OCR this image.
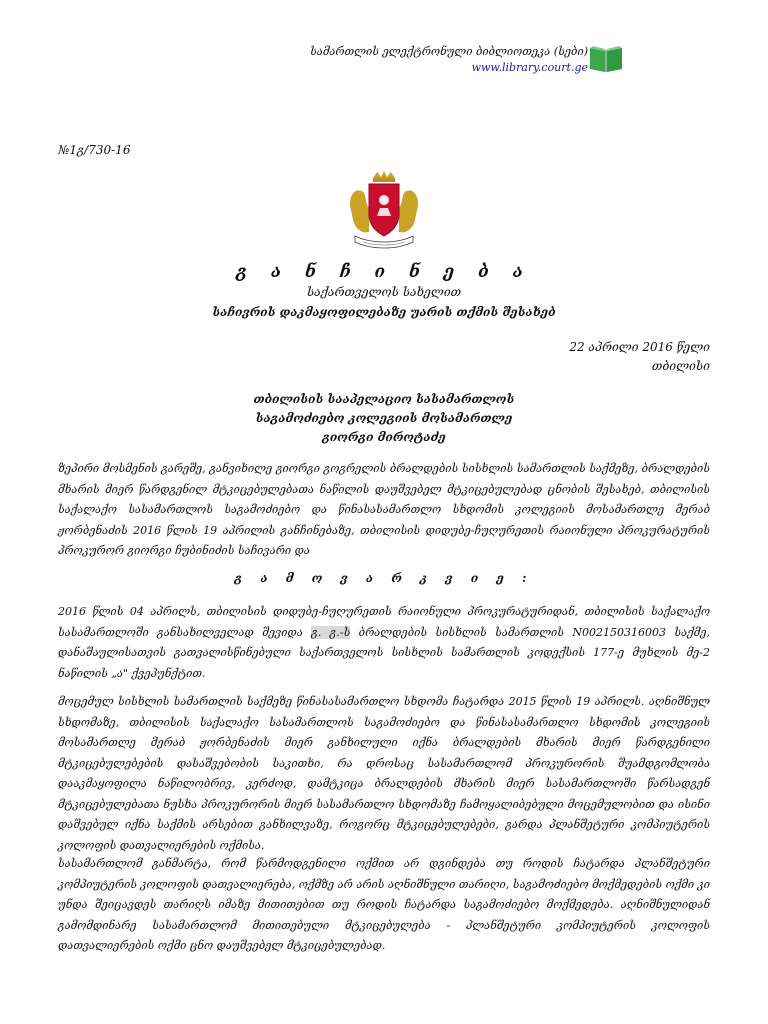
სამართლის ელექტრონული ბიბლიოთეკა (სები)
www.library.court.ge
№1გ/730-16
გ ა ნ ჩ ი ნ ე ბ ა
საქართველოს სახელით
საჩივრის დაკმაყოფილებაზე უარის თქმის შესახებ
22 აპრილი 2016 წელი
თბილისი
თბილისის სააპელაციო სასამართლოს
საგამოძიებო კოლეგიის მოსამართლე
გიორგი მიროტაძე
ზეპირი მოსმენის გარეშე, განვიხილე გიორგი გოგრელის ბრალდების სისხლის სამართლის საქმეზე, ბრალდების მხარის მიერ წარდგენილ მტკიცებულებათა ნაწილის დაუშვებელ მტკიცებულებად ცნობის შესახებ, თბილისის საქალაქო სასამართლოს საგამოძიებო და წინასასამართლო სხდომის კოლეგიის მოსამართლე მერაბ ჟორბენაძის 2016 წლის 19 აპრილის განჩინებაზე, თბილისის დიდუბე-ჩუღურეთის რაიონული პროკურატურის პროკურორ გიორგი ჩუბინიძის საჩივარი და
გ ა მ ო ვ ა რ კ ვ ი ე :
2016 წლის 04 აპრილს, თბილისის დიდუბე-ჩუღურეთის რაიონული პროკურატურიდან, თბილისის საქალაქო სასამართლოში განსახილველად შევიდა გ. გ.-ს ბრალდების სისხლის სამართლის N002150316003 საქმე, დანაშაულისათვის გათვალისწინებული საქართველოს სისხლის სამართლის კოდექსის 177-ე მუხლის მე-2 ნაწილის „ა" ქვეპუნქტით.
მოცემულ სისხლის სამართლის საქმეზე წინასასამართლო სხდომა ჩატარდა 2015 წლის 19 აპრილს. აღნიშნულ სხდომაზე, თბილისის საქალაქო სასამართლოს საგამოძიებო და წინასასამართლო სხდომის კოლეგიის მოსამართლე მერაბ ჟორბენაძის მიერ განხილული იქნა ბრალდების მხარის მიერ წარდგენილი მტკიცებულებების დასაშვებობის საკითხი, რა დროსაც სასამართლომ პროკურორის შუამდგომლობა დააკმაყოფილა ნაწილობრივ, კერძოდ, დამტკიცა ბრალდების მხარის მიერ სასამართლოში წარსადგენ მტკიცებულებათა ნუსხა პროკურორის მიერ სასამართლო სხდომაზე ჩამოყალიბებული მოცემულობით და ისინი დაშვებულ იქნა საქმის არსებით განხილვაზე, როგორც მტკიცებულებები, გარდა პლანშეტური კომპიუტერის კოლოფის დათვალიერების ოქმისა.
სასამართლომ განმარტა, რომ წარმოდგენილი ოქმით არ დგინდება თუ როდის ჩატარდა პლანშეტური კომპიუტერის კოლოფის დათვალიერება, ოქმზე არ არის აღნიშნული თარიღი, საგამოძიებო მოქმედების ოქმი კი უნდა შეიცავდეს თარიღს იმაზე მითითებით თუ როდის ჩატარდა საგამოძიებო მოქმედება. აღნიშნულიდან გამომდინარე სასამართლომ მითითებული მტკიცებულება - პლანშეტური კომპიუტერის კოლოფის დათვალიერების ოქმი ცნო დაუშვებელ მტკიცებულებად.
